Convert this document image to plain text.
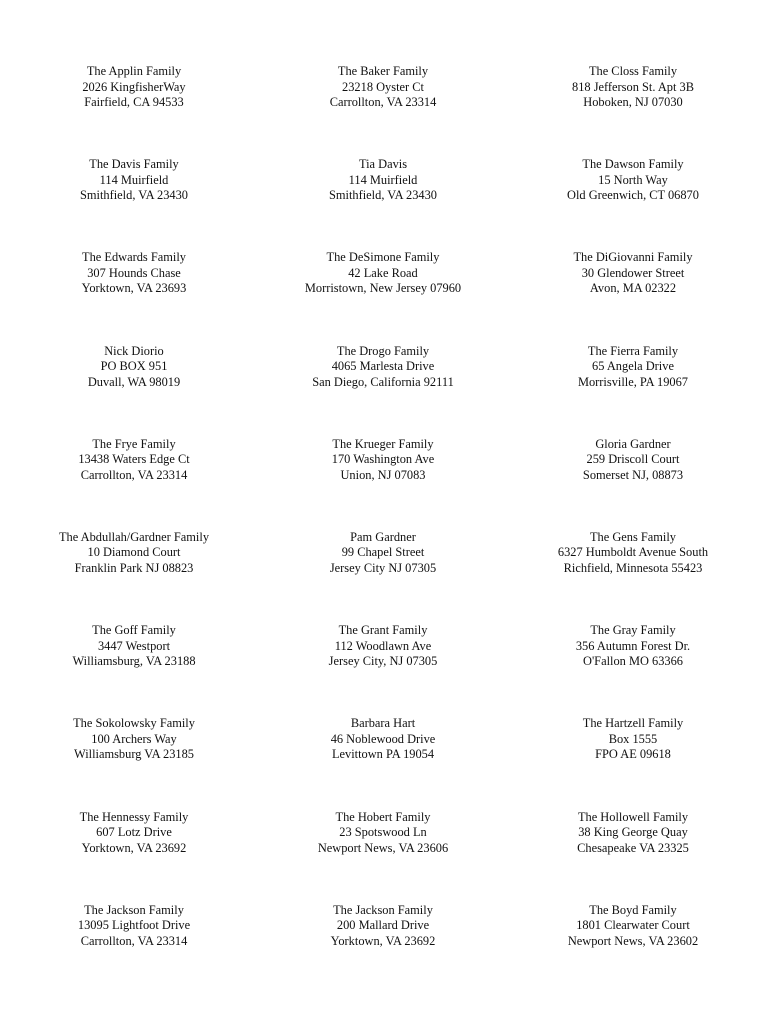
The Applin Family
2026 KingfisherWay
Fairfield, CA 94533
The Baker Family
23218 Oyster Ct
Carrollton, VA 23314
The Closs Family
818 Jefferson St. Apt 3B
Hoboken, NJ 07030
The Davis Family
114 Muirfield
Smithfield, VA 23430
Tia Davis
114 Muirfield
Smithfield, VA 23430
The Dawson Family
15 North Way
Old Greenwich, CT 06870
The Edwards Family
307 Hounds Chase
Yorktown, VA 23693
The DeSimone Family
42 Lake Road
Morristown, New Jersey 07960
The DiGiovanni Family
30 Glendower Street
Avon, MA 02322
Nick Diorio
PO BOX 951
Duvall, WA 98019
The Drogo Family
4065 Marlesta Drive
San Diego, California 92111
The Fierra Family
65 Angela Drive
Morrisville, PA 19067
The Frye Family
13438 Waters Edge Ct
Carrollton, VA 23314
The Krueger Family
170 Washington Ave
Union, NJ 07083
Gloria Gardner
259 Driscoll Court
Somerset NJ, 08873
The Abdullah/Gardner Family
10 Diamond Court
Franklin Park NJ 08823
Pam Gardner
99 Chapel Street
Jersey City NJ 07305
The Gens Family
6327 Humboldt Avenue South
Richfield, Minnesota 55423
The Goff Family
3447 Westport
Williamsburg, VA 23188
The Grant Family
112 Woodlawn Ave
Jersey City, NJ 07305
The Gray Family
356 Autumn Forest Dr.
O'Fallon MO 63366
The Sokolowsky Family
100 Archers Way
Williamsburg VA 23185
Barbara Hart
46 Noblewood Drive
Levittown PA 19054
The Hartzell Family
Box 1555
FPO AE 09618
The Hennessy Family
607 Lotz Drive
Yorktown, VA 23692
The Hobert Family
23 Spotswood Ln
Newport News, VA 23606
The Hollowell Family
38 King George Quay
Chesapeake VA 23325
The Jackson Family
13095 Lightfoot Drive
Carrollton, VA 23314
The Jackson Family
200 Mallard Drive
Yorktown, VA 23692
The Boyd Family
1801 Clearwater Court
Newport News, VA 23602
